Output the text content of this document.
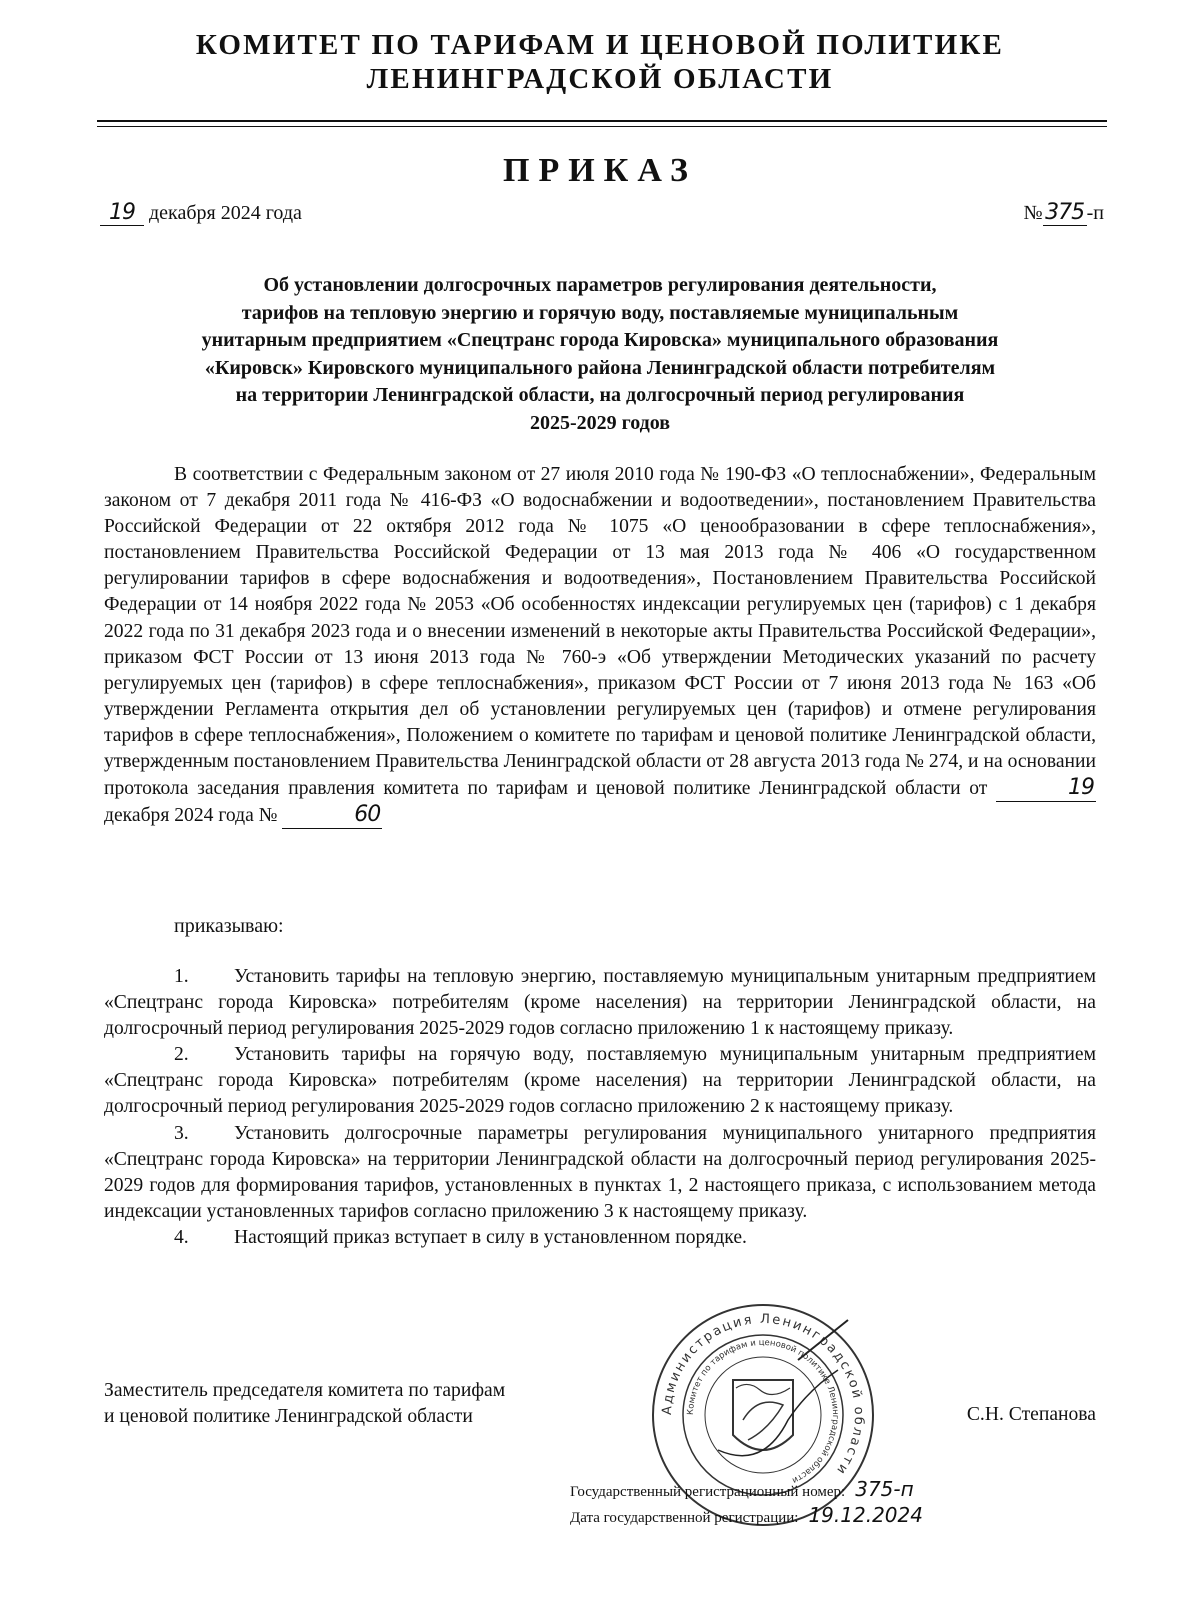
КОМИТЕТ ПО ТАРИФАМ И ЦЕНОВОЙ ПОЛИТИКЕ
ЛЕНИНГРАДСКОЙ ОБЛАСТИ
ПРИКАЗ
19 декабря 2024 года	№ 375 -п
Об установлении долгосрочных параметров регулирования деятельности,
тарифов на тепловую энергию и горячую воду, поставляемые муниципальным
унитарным предприятием «Спецтранс города Кировска» муниципального образования
«Кировск» Кировского муниципального района Ленинградской области потребителям
на территории Ленинградской области, на долгосрочный период регулирования
2025-2029 годов

В соответствии с Федеральным законом от 27 июля 2010 года № 190-ФЗ «О теплоснабжении», Федеральным законом от 7 декабря 2011 года № 416-ФЗ «О водоснабжении и водоотведении», постановлением Правительства Российской Федерации от 22 октября 2012 года № 1075 «О ценообразовании в сфере теплоснабжения», постановлением Правительства Российской Федерации от 13 мая 2013 года № 406 «О государственном регулировании тарифов в сфере водоснабжения и водоотведения», Постановлением Правительства Российской Федерации от 14 ноября 2022 года № 2053 «Об особенностях индексации регулируемых цен (тарифов) с 1 декабря 2022 года по 31 декабря 2023 года и о внесении изменений в некоторые акты Правительства Российской Федерации», приказом ФСТ России от 13 июня 2013 года № 760-э «Об утверждении Методических указаний по расчету регулируемых цен (тарифов) в сфере теплоснабжения», приказом ФСТ России от 7 июня 2013 года № 163 «Об утверждении Регламента открытия дел об установлении регулируемых цен (тарифов) и отмене регулирования тарифов в сфере теплоснабжения», Положением о комитете по тарифам и ценовой политике Ленинградской области, утвержденным постановлением Правительства Ленинградской области от 28 августа 2013 года № 274, и на основании протокола заседания правления комитета по тарифам и ценовой политике Ленинградской области от	19 декабря 2024 года №	60

приказываю:

1. Установить тарифы на тепловую энергию, поставляемую муниципальным унитарным предприятием «Спецтранс города Кировска» потребителям (кроме населения) на территории Ленинградской области, на долгосрочный период регулирования 2025-2029 годов согласно приложению 1 к настоящему приказу.

2. Установить тарифы на горячую воду, поставляемую муниципальным унитарным предприятием «Спецтранс города Кировска» потребителям (кроме населения) на территории Ленинградской области, на долгосрочный период регулирования 2025-2029 годов согласно приложению 2 к настоящему приказу.

3. Установить долгосрочные параметры регулирования муниципального унитарного предприятия «Спецтранс города Кировска» на территории Ленинградской области на долгосрочный период регулирования 2025-2029 годов для формирования тарифов, установленных в пунктах 1, 2 настоящего приказа, с использованием метода индексации установленных тарифов согласно приложению 3 к настоящему приказу.

4. Настоящий приказ вступает в силу в установленном порядке.

Заместитель председателя комитета по тарифам
и ценовой политике Ленинградской области	С.Н. Степанова
Администрация Ленинградской области
Комитет по тарифам и ценовой политике Ленинградской области
Государственный регистрационный номер: 375-п
Дата государственной регистрации: 19.12.2024
